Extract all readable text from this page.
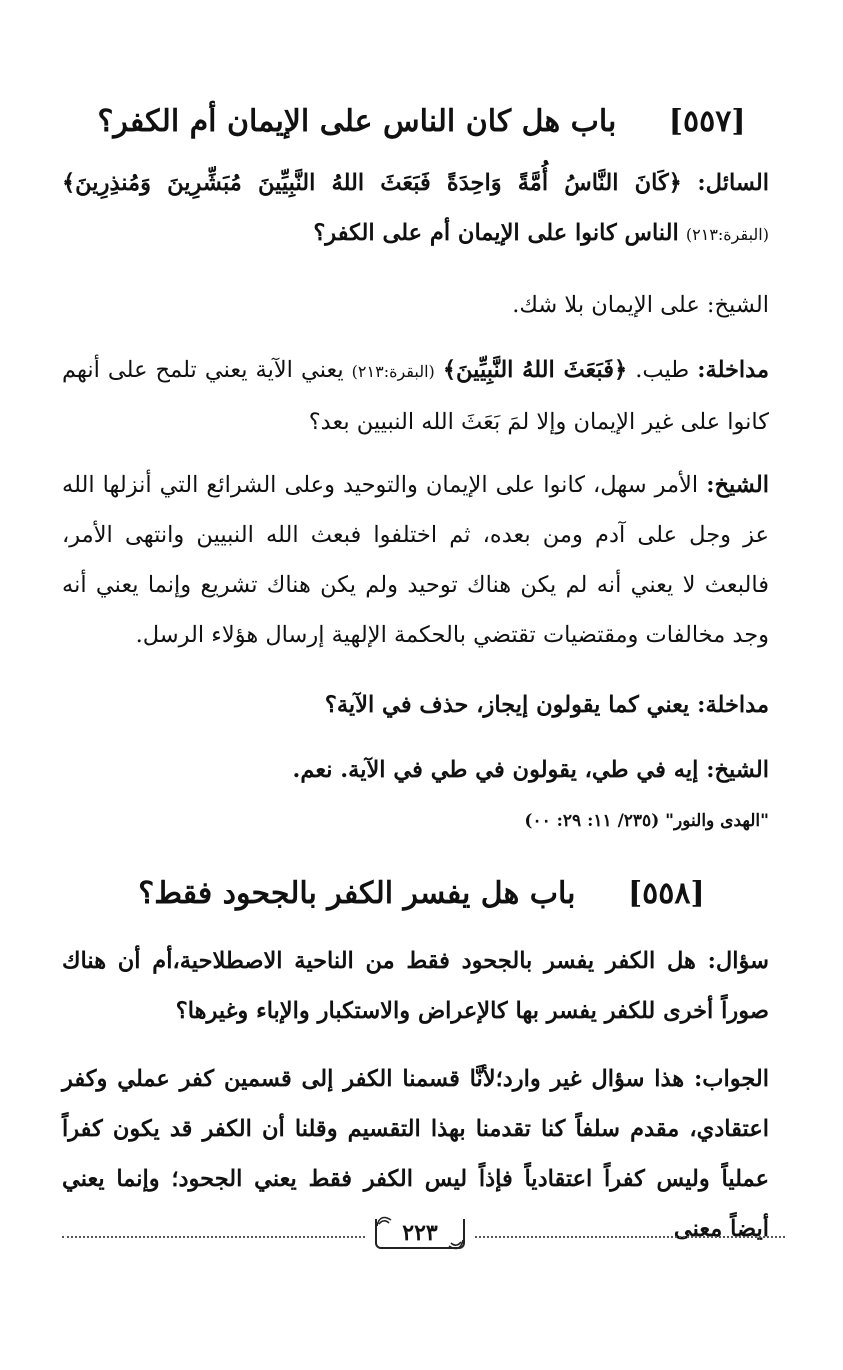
[٥٥٧] باب هل كان الناس على الإيمان أم الكفر؟
السائل: ﴿كَانَ النَّاسُ أُمَّةً وَاحِدَةً فَبَعَثَ اللهُ النَّبِيِّينَ مُبَشِّرِينَ وَمُنذِرِينَ﴾ (البقرة:٢١٣) الناس كانوا على الإيمان أم على الكفر؟
الشيخ: على الإيمان بلا شك.
مداخلة: طيب. ﴿فَبَعَثَ اللهُ النَّبِيِّينَ﴾ (البقرة:٢١٣) يعني الآية يعني تلمح على أنهم كانوا على غير الإيمان وإلا لمَ بَعَثَ الله النبيين بعد؟
الشيخ: الأمر سهل، كانوا على الإيمان والتوحيد وعلى الشرائع التي أنزلها الله عز وجل على آدم ومن بعده، ثم اختلفوا فبعث الله النبيين وانتهى الأمر، فالبعث لا يعني أنه لم يكن هناك توحيد ولم يكن هناك تشريع وإنما يعني أنه وجد مخالفات ومقتضيات تقتضي بالحكمة الإلهية إرسال هؤلاء الرسل.
مداخلة: يعني كما يقولون إيجاز، حذف في الآية؟
الشيخ: إيه في طي، يقولون في طي في الآية. نعم.
"الهدى والنور" (٢٣٥/ ١١: ٢٩: ٠٠)
[٥٥٨] باب هل يفسر الكفر بالجحود فقط؟
سؤال: هل الكفر يفسر بالجحود فقط من الناحية الاصطلاحية،أم أن هناك صوراً أخرى للكفر يفسر بها كالإعراض والاستكبار والإباء وغيرها؟
الجواب: هذا سؤال غير وارد؛لأنَّا قسمنا الكفر إلى قسمين كفر عملي وكفر اعتقادي، مقدم سلفاً كنا تقدمنا بهذا التقسيم وقلنا أن الكفر قد يكون كفراً عملياً وليس كفراً اعتقادياً فإذاً ليس الكفر فقط يعني الجحود؛ وإنما يعني أيضاً معنى
٢٢٣
